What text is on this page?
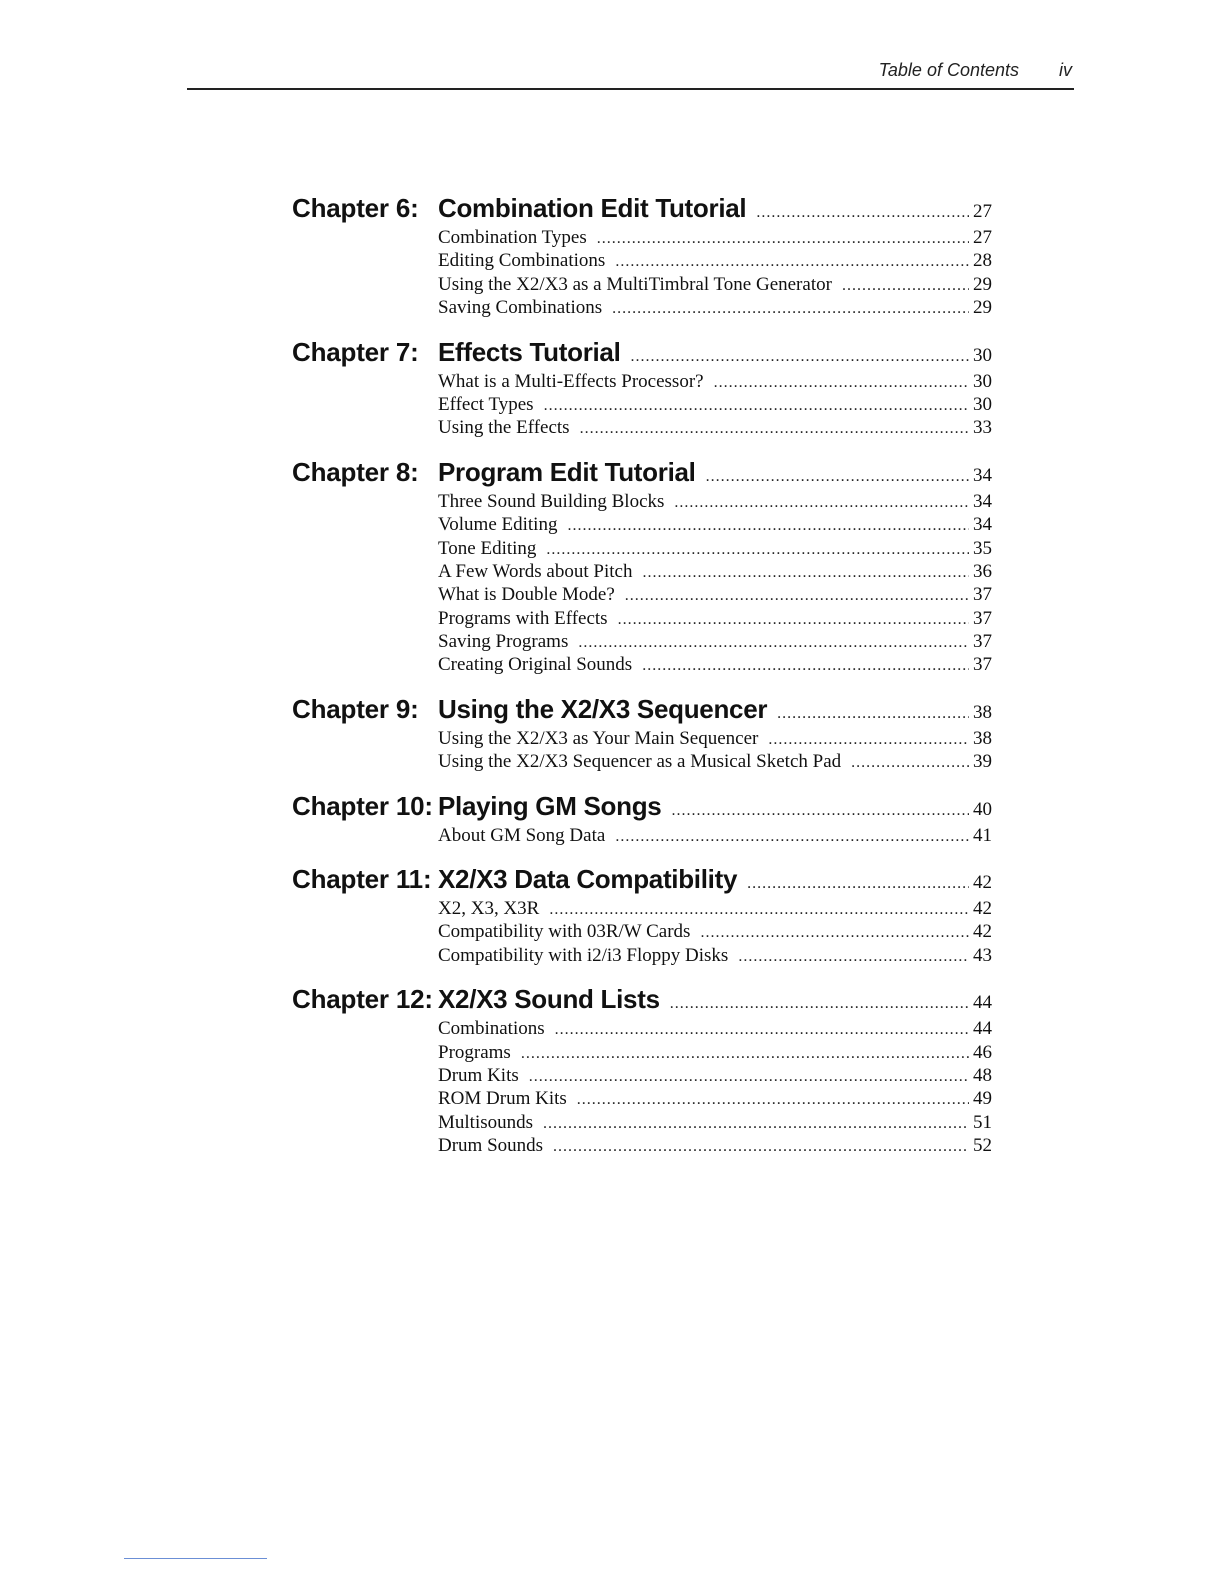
Table of Contents iv
Chapter 6: Combination Edit Tutorial .....	27
Combination Types .....	27
Editing Combinations .....	28
Using the X2/X3 as a MultiTimbral Tone Generator .....	29
Saving Combinations .....	29
Chapter 7: Effects Tutorial .....	30
What is a Multi-Effects Processor? .....	30
Effect Types .....	30
Using the Effects .....	33
Chapter 8: Program Edit Tutorial .....	34
Three Sound Building Blocks .....	34
Volume Editing .....	34
Tone Editing .....	35
A Few Words about Pitch .....	36
What is Double Mode? .....	37
Programs with Effects .....	37
Saving Programs .....	37
Creating Original Sounds .....	37
Chapter 9: Using the X2/X3 Sequencer .....	38
Using the X2/X3 as Your Main Sequencer .....	38
Using the X2/X3 Sequencer as a Musical Sketch Pad .....	39
Chapter 10: Playing GM Songs .....	40
About GM Song Data .....	41
Chapter 11: X2/X3 Data Compatibility .....	42
X2, X3, X3R .....	42
Compatibility with 03R/W Cards .....	42
Compatibility with i2/i3 Floppy Disks .....	43
Chapter 12: X2/X3 Sound Lists .....	44
Combinations .....	44
Programs .....	46
Drum Kits .....	48
ROM Drum Kits .....	49
Multisounds .....	51
Drum Sounds .....	52
